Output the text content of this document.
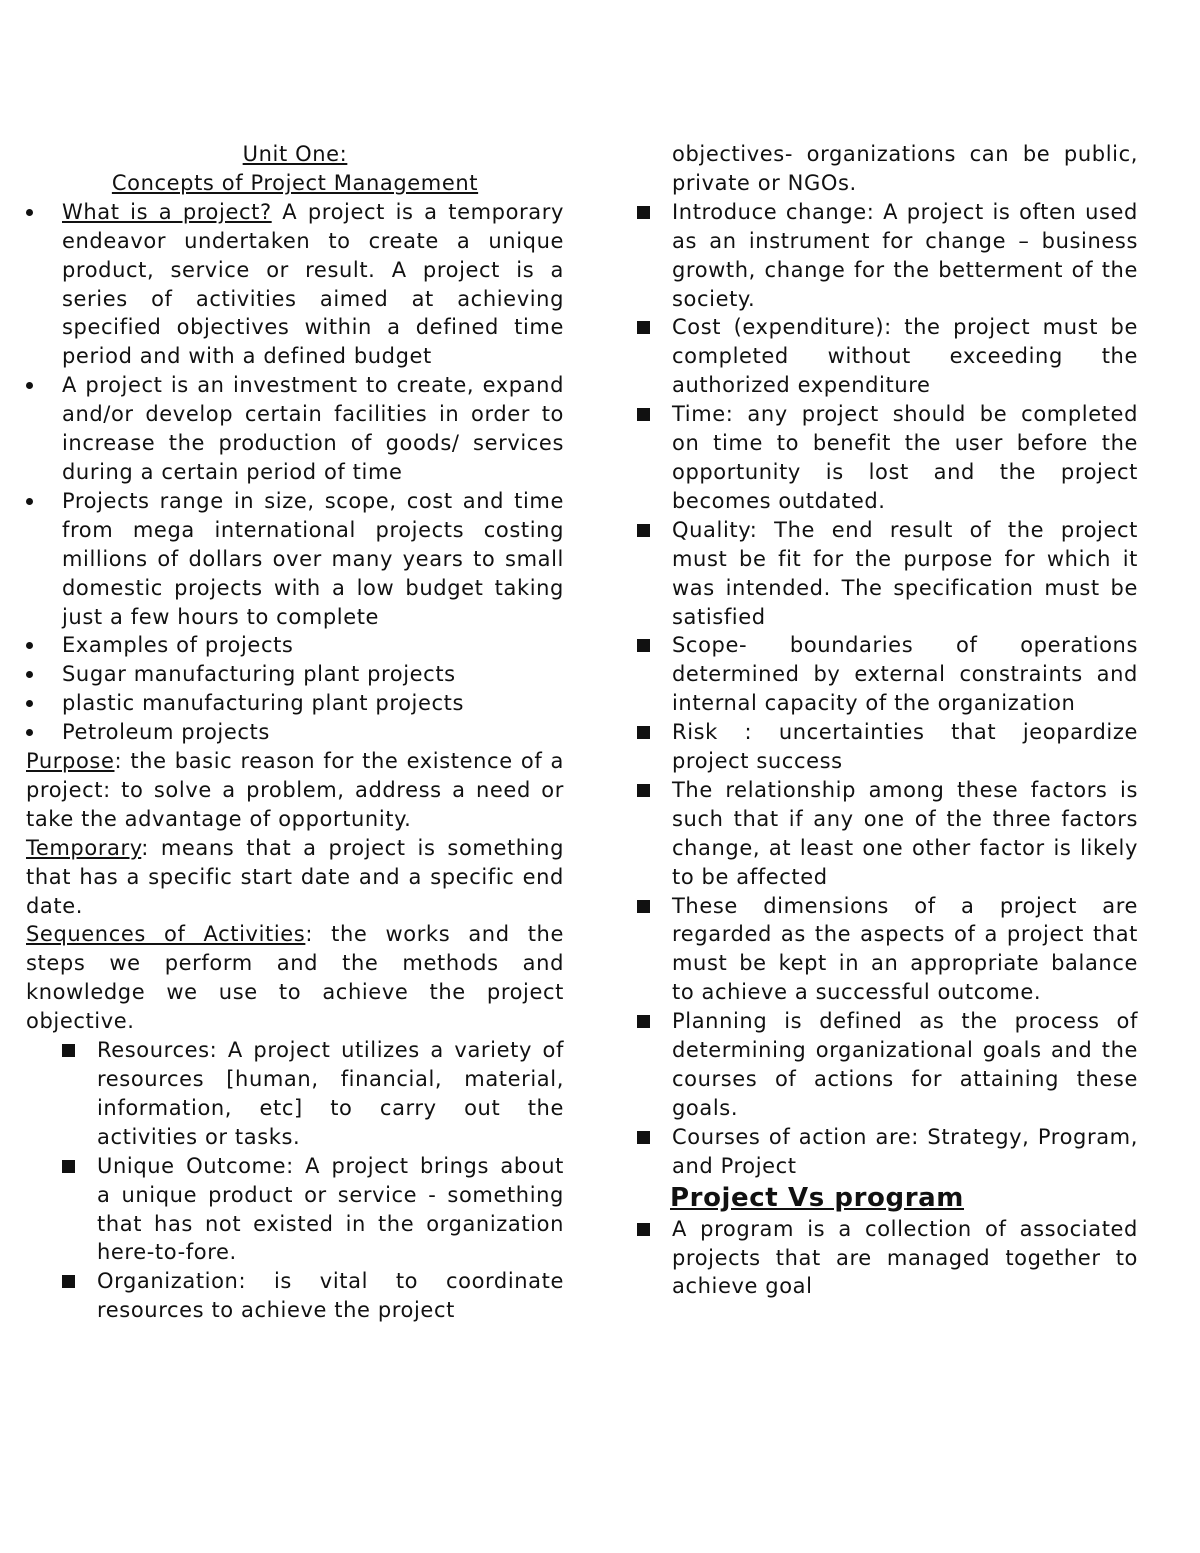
Unit One:

Concepts of Project Management

What is a project? A project is a temporary endeavor undertaken to create a unique product, service or result. A project is a series of activities aimed at achieving specified objectives within a defined time period and with a defined budget
A project is an investment to create, expand and/or develop certain facilities in order to increase the production of goods/ services during a certain period of time
Projects range in size, scope, cost and time from mega international projects costing millions of dollars over many years to small domestic projects with a low budget taking just a few hours to complete
Examples of projects
Sugar manufacturing plant projects
plastic manufacturing plant projects
Petroleum projects

Purpose: the basic reason for the existence of a project: to solve a problem, address a need or take the advantage of opportunity.

Temporary: means that a project is something that has a specific start date and a specific end date.

Sequences of Activities: the works and the steps we perform and the methods and knowledge we use to achieve the project objective.

Resources: A project utilizes a variety of resources [human, financial, material, information, etc] to carry out the activities or tasks.
Unique Outcome: A project brings about a unique product or service - something that has not existed in the organization here-to-fore.
Organization: is vital to coordinate resources to achieve the project
objectives- organizations can be public, private or NGOs.
Introduce change: A project is often used as an instrument for change – business growth, change for the betterment of the society.
Cost (expenditure): the project must be completed without exceeding the authorized expenditure
Time: any project should be completed on time to benefit the user before the opportunity is lost and the project becomes outdated.
Quality: The end result of the project must be fit for the purpose for which it was intended. The specification must be satisfied
Scope- boundaries of operations determined by external constraints and internal capacity of the organization
Risk : uncertainties that jeopardize project success
The relationship among these factors is such that if any one of the three factors change, at least one other factor is likely to be affected
These dimensions of a project are regarded as the aspects of a project that must be kept in an appropriate balance to achieve a successful outcome.
Planning is defined as the process of determining organizational goals and the courses of actions for attaining these goals.
Courses of action are: Strategy, Program, and Project

Project Vs program

A program is a collection of associated projects that are managed together to achieve goal
